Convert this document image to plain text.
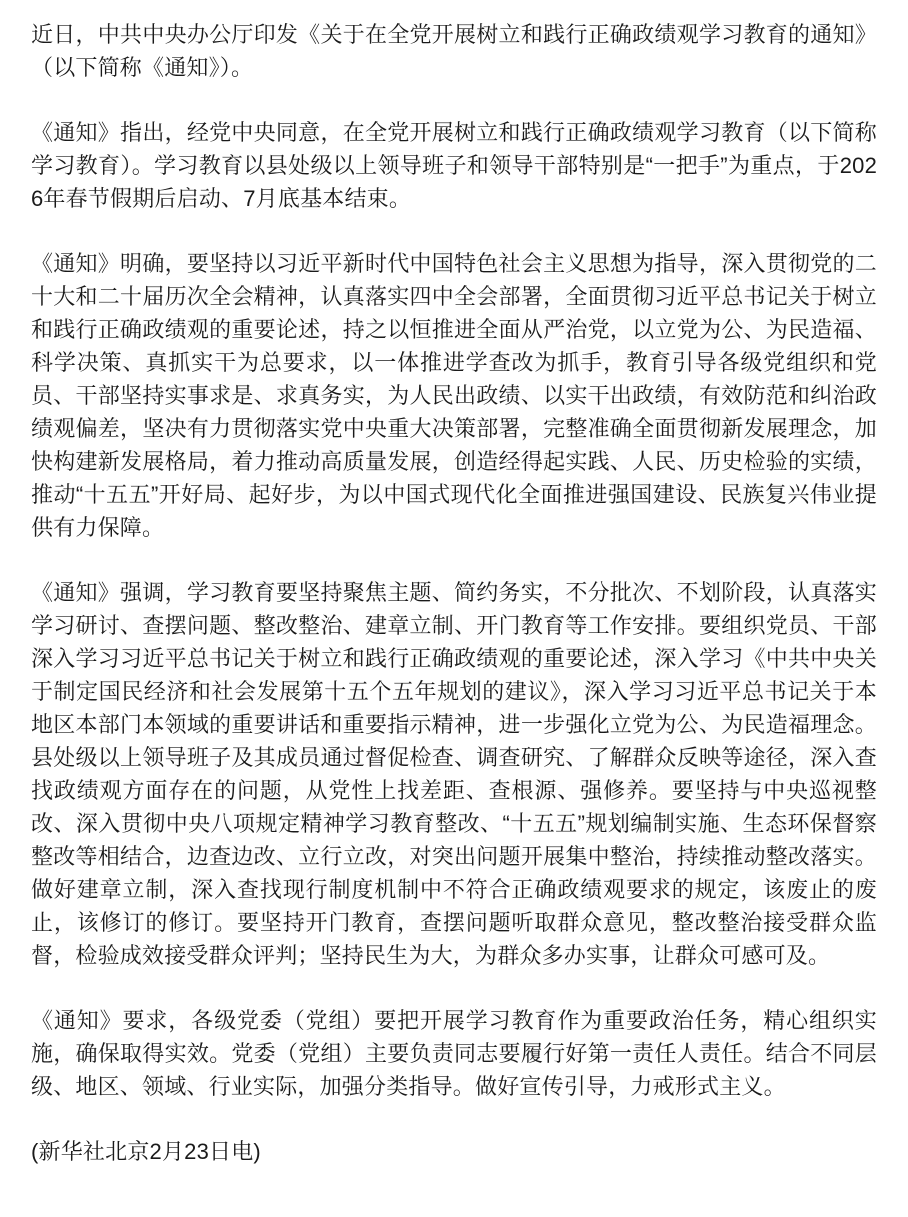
近日，中共中央办公厅印发《关于在全党开展树立和践行正确政绩观学习教育的通知》（以下简称《通知》）。

《通知》指出，经党中央同意，在全党开展树立和践行正确政绩观学习教育（以下简称学习教育）。学习教育以县处级以上领导班子和领导干部特别是“一把手”为重点，于2026年春节假期后启动、7月底基本结束。

《通知》明确，要坚持以习近平新时代中国特色社会主义思想为指导，深入贯彻党的二十大和二十届历次全会精神，认真落实四中全会部署，全面贯彻习近平总书记关于树立和践行正确政绩观的重要论述，持之以恒推进全面从严治党，以立党为公、为民造福、科学决策、真抓实干为总要求，以一体推进学查改为抓手，教育引导各级党组织和党员、干部坚持实事求是、求真务实，为人民出政绩、以实干出政绩，有效防范和纠治政绩观偏差，坚决有力贯彻落实党中央重大决策部署，完整准确全面贯彻新发展理念，加快构建新发展格局，着力推动高质量发展，创造经得起实践、人民、历史检验的实绩，推动“十五五”开好局、起好步，为以中国式现代化全面推进强国建设、民族复兴伟业提供有力保障。

《通知》强调，学习教育要坚持聚焦主题、简约务实，不分批次、不划阶段，认真落实学习研讨、查摆问题、整改整治、建章立制、开门教育等工作安排。要组织党员、干部深入学习习近平总书记关于树立和践行正确政绩观的重要论述，深入学习《中共中央关于制定国民经济和社会发展第十五个五年规划的建议》，深入学习习近平总书记关于本地区本部门本领域的重要讲话和重要指示精神，进一步强化立党为公、为民造福理念。县处级以上领导班子及其成员通过督促检查、调查研究、了解群众反映等途径，深入查找政绩观方面存在的问题，从党性上找差距、查根源、强修养。要坚持与中央巡视整改、深入贯彻中央八项规定精神学习教育整改、“十五五”规划编制实施、生态环保督察整改等相结合，边查边改、立行立改，对突出问题开展集中整治，持续推动整改落实。做好建章立制，深入查找现行制度机制中不符合正确政绩观要求的规定，该废止的废止，该修订的修订。要坚持开门教育，查摆问题听取群众意见，整改整治接受群众监督，检验成效接受群众评判；坚持民生为大，为群众多办实事，让群众可感可及。

《通知》要求，各级党委（党组）要把开展学习教育作为重要政治任务，精心组织实施，确保取得实效。党委（党组）主要负责同志要履行好第一责任人责任。结合不同层级、地区、领域、行业实际，加强分类指导。做好宣传引导，力戒形式主义。

(新华社北京2月23日电)
